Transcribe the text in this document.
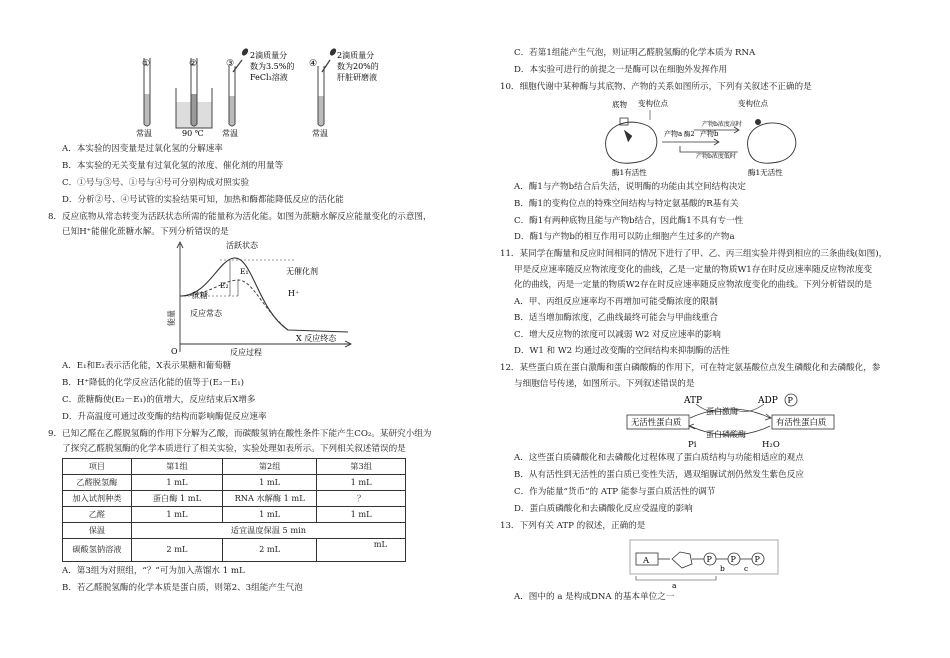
①	②	③	④
2滴质量分
数为3.5%的
FeCl₃溶液
2滴质量分
数为20%的
肝脏研磨液
常温	90 ℃ 常温	常温
A．本实验的因变量是过氧化氢的分解速率
B．本实验的无关变量有过氧化氢的浓度、催化剂的用量等
C．①号与③号、①号与④号可分别构成对照实验
D．分析②号、④号试管的实验结果可知，加热和酶都能降低反应的活化能
8．反应底物从常态转变为活跃状态所需的能量称为活化能。如图为蔗糖水解反应能量变化的示意图，
已知H⁺能催化蔗糖水解。下列分析错误的是
活跃状态
E₁
E₂
无催化剂
H⁺
蔗糖
反应常态
X 反应终态
能量
O	反应过程
A．E₁和E₂表示活化能，X表示果糖和葡萄糖
B．H⁺降低的化学反应活化能的值等于(E₂－E₁)
C．蔗糖酶使(E₂－E₁)的值增大，反应结束后X增多
D．升高温度可通过改变酶的结构而影响酶促反应速率
9．已知乙醛在乙醛脱氢酶的作用下分解为乙酸，而碳酸氢钠在酸性条件下能产生CO₂。某研究小组为
了探究乙醛脱氢酶的化学本质进行了相关实验，实验处理如表所示。下列相关叙述错误的是
项目	第1组	第2组	第3组
乙醛脱氢酶	1 mL	1 mL	1 mL
加入试剂种类	蛋白酶 1 mL	RNA 水解酶 1 mL	？
乙醛	1 mL	1 mL	1 mL
保温	适宜温度保温 5 min		
碳酸氢钠溶液	2 mL	2 mL	mL
A．第3组为对照组，“？”可为加入蒸馏水 1 mL
B．若乙醛脱氢酶的化学本质是蛋白质，则第2、3组能产生气泡
C．若第1组能产生气泡，则证明乙醛脱氢酶的化学本质为 RNA
D．本实验可进行的前提之一是酶可以在细胞外发挥作用
10．细胞代谢中某种酶与其底物、产物的关系如图所示，下列有关叙述不正确的是
底物 变构位点	变构位点
产物a 酶2 产物b
产物b浓度高时
产物b浓度低时
酶1有活性	酶1无活性
A．酶1与产物b结合后失活，说明酶的功能由其空间结构决定
B．酶1的变构位点的特殊空间结构与特定氨基酸的R基有关
C．酶1有两种底物且能与产物b结合，因此酶1不具有专一性
D．酶1与产物b的相互作用可以防止细胞产生过多的产物a
11．某同学在酶量和反应时间相同的情况下进行了甲、乙、丙三组实验并得到相应的三条曲线(如图)，
甲是反应速率随反应物浓度变化的曲线，乙是一定量的物质W1存在时反应速率随反应物浓度变
化的曲线，丙是一定量的物质W2存在时反应速率随反应物浓度变化的曲线。下列分析错误的是
A．甲、丙组反应速率均不再增加可能受酶浓度的限制
B．适当增加酶浓度，乙曲线最终可能会与甲曲线重合
C．增大反应物的浓度可以减弱 W2 对反应速率的影响
D．W1 和 W2 均通过改变酶的空间结构来抑制酶的活性
12．某些蛋白质在蛋白激酶和蛋白磷酸酶的作用下，可在特定氨基酸位点发生磷酸化和去磷酸化，参
与细胞信号传递，如图所示。下列叙述错误的是
ATP	ADP P
蛋白激酶
无活性蛋白质	有活性蛋白质
蛋白磷酸酶
Pi	H₂O
A．这些蛋白质磷酸化和去磷酸化过程体现了蛋白质结构与功能相适应的观点
B．从有活性到无活性的蛋白质已变性失活，遇双缩脲试剂仍然发生紫色反应
C．作为能量“货币”的 ATP 能参与蛋白质活性的调节
D．蛋白质磷酸化和去磷酸化反应受温度的影响
13．下列有关 ATP 的叙述，正确的是
A	P P P
b	c
a
A．图中的 a 是构成DNA 的基本单位之一
